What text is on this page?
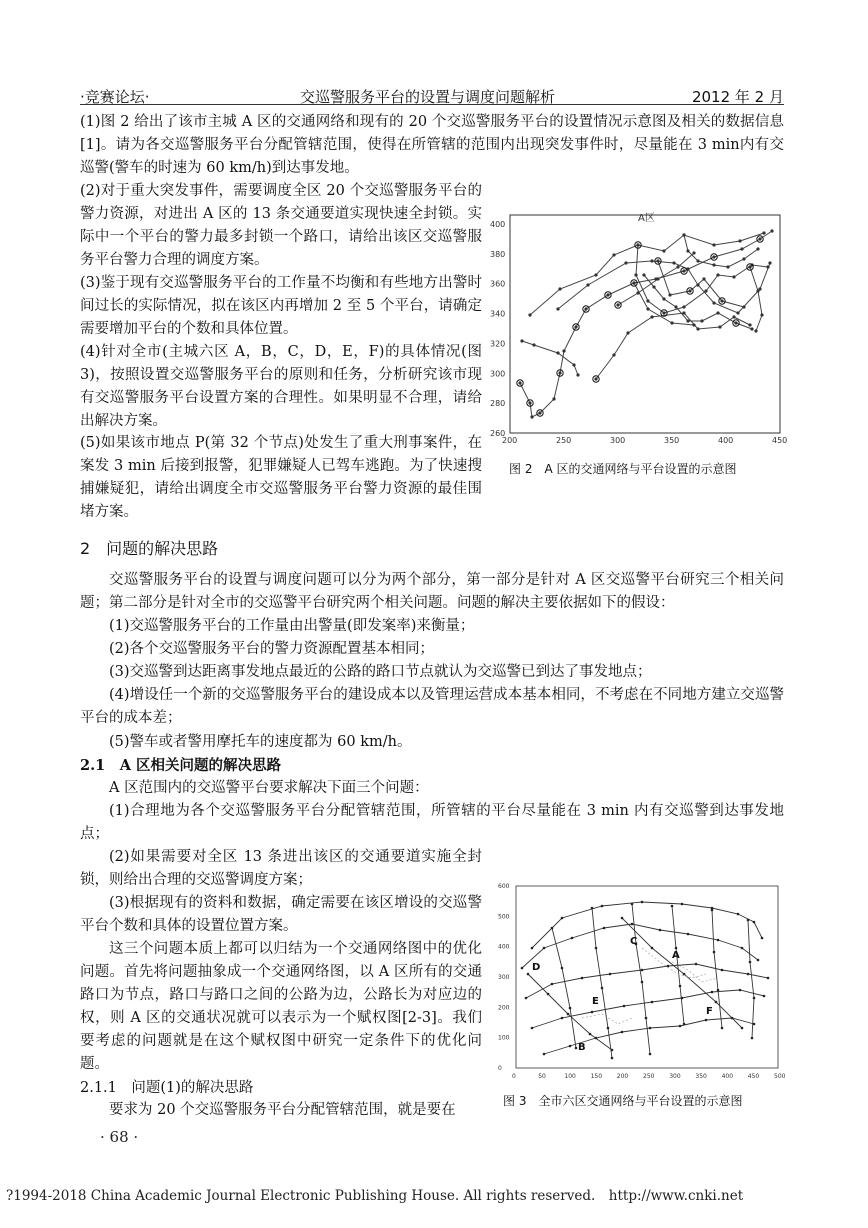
·竞赛论坛·	交巡警服务平台的设置与调度问题解析	2012 年 2 月

(1)图 2 给出了该市主城 A 区的交通网络和现有的 20 个交巡警服务平台的设置情况示意图及相关的数据信息[1]。请为各交巡警服务平台分配管辖范围，使得在所管辖的范围内出现突发事件时，尽量能在 3 min内有交巡警(警车的时速为 60 km/h)到达事发地。

(2)对于重大突发事件，需要调度全区 20 个交巡警服务平台的警力资源，对进出 A 区的 13 条交通要道实现快速全封锁。实际中一个平台的警力最多封锁一个路口，请给出该区交巡警服务平台警力合理的调度方案。

(3)鉴于现有交巡警服务平台的工作量不均衡和有些地方出警时间过长的实际情况，拟在该区内再增加 2 至 5 个平台，请确定需要增加平台的个数和具体位置。

(4)针对全市(主城六区 A，B，C，D，E，F)的具体情况(图 3)，按照设置交巡警服务平台的原则和任务，分析研究该市现有交巡警服务平台设置方案的合理性。如果明显不合理，请给出解决方案。

(5)如果该市地点 P(第 32 个节点)处发生了重大刑事案件，在案发 3 min 后接到报警，犯罪嫌疑人已驾车逃跑。为了快速搜捕嫌疑犯，请给出调度全市交巡警服务平台警力资源的最佳围堵方案。

A区
200	250	300	350	400	450
260
280
300
320
340
360
380
400
图 2　A 区的交通网络与平台设置的示意图
2　问题的解决思路

交巡警服务平台的设置与调度问题可以分为两个部分，第一部分是针对 A 区交巡警平台研究三个相关问题；第二部分是针对全市的交巡警平台研究两个相关问题。问题的解决主要依据如下的假设：

(1)交巡警服务平台的工作量由出警量(即发案率)来衡量；

(2)各个交巡警服务平台的警力资源配置基本相同；

(3)交巡警到达距离事发地点最近的公路的路口节点就认为交巡警已到达了事发地点；

(4)增设任一个新的交巡警服务平台的建设成本以及管理运营成本基本相同，不考虑在不同地方建立交巡警平台的成本差；

(5)警车或者警用摩托车的速度都为 60 km/h。

2.1　A 区相关问题的解决思路

A 区范围内的交巡警平台要求解决下面三个问题：

(1)合理地为各个交巡警服务平台分配管辖范围，所管辖的平台尽量能在 3 min 内有交巡警到达事发地点；

(2)如果需要对全区 13 条进出该区的交通要道实施全封锁，则给出合理的交巡警调度方案；

(3)根据现有的资料和数据，确定需要在该区增设的交巡警平台个数和具体的设置位置方案。

这三个问题本质上都可以归结为一个交通网络图中的优化问题。首先将问题抽象成一个交通网络图，以 A 区所有的交通路口为节点，路口与路口之间的公路为边，公路长为对应边的权，则 A 区的交通状况就可以表示为一个赋权图[2-3]。我们要考虑的问题就是在这个赋权图中研究一定条件下的优化问题。

2.1.1　问题(1)的解决思路

要求为 20 个交巡警服务平台分配管辖范围，就是要在

0	50	100 150 200 250 300 350 400 450 500
0
100
200
300
400
500
600
C
A
D
E
F
B
图 3　全市六区交通网络与平台设置的示意图
· 68 ·
?1994-2018 China Academic Journal Electronic Publishing House. All rights reserved.　http://www.cnki.net
